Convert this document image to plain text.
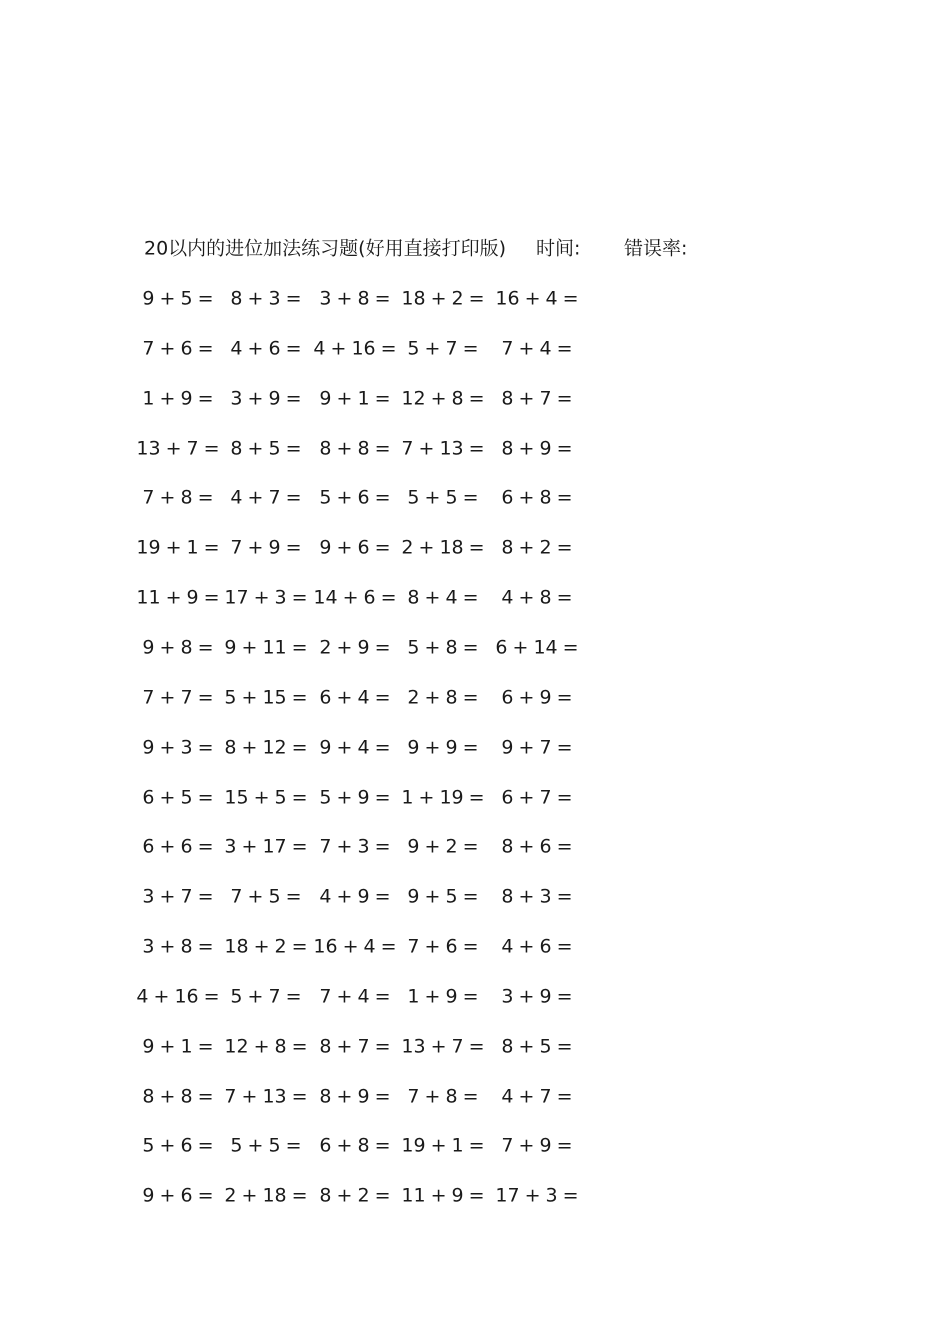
20以内的进位加法练习题(好用直接打印版) 时间: 错误率:
9 + 5 = 8 + 3 = 3 + 8 = 18 + 2 = 16 + 4 =
7 + 6 = 4 + 6 = 4 + 16 = 5 + 7 = 7 + 4 =
1 + 9 = 3 + 9 = 9 + 1 = 12 + 8 = 8 + 7 =
13 + 7 = 8 + 5 = 8 + 8 = 7 + 13 = 8 + 9 =
7 + 8 = 4 + 7 = 5 + 6 = 5 + 5 = 6 + 8 =
19 + 1 = 7 + 9 = 9 + 6 = 2 + 18 = 8 + 2 =
11 + 9 = 17 + 3 = 14 + 6 = 8 + 4 = 4 + 8 =
9 + 8 = 9 + 11 = 2 + 9 = 5 + 8 = 6 + 14 =
7 + 7 = 5 + 15 = 6 + 4 = 2 + 8 = 6 + 9 =
9 + 3 = 8 + 12 = 9 + 4 = 9 + 9 = 9 + 7 =
6 + 5 = 15 + 5 = 5 + 9 = 1 + 19 = 6 + 7 =
6 + 6 = 3 + 17 = 7 + 3 = 9 + 2 = 8 + 6 =
3 + 7 = 7 + 5 = 4 + 9 = 9 + 5 = 8 + 3 =
3 + 8 = 18 + 2 = 16 + 4 = 7 + 6 = 4 + 6 =
4 + 16 = 5 + 7 = 7 + 4 = 1 + 9 = 3 + 9 =
9 + 1 = 12 + 8 = 8 + 7 = 13 + 7 = 8 + 5 =
8 + 8 = 7 + 13 = 8 + 9 = 7 + 8 = 4 + 7 =
5 + 6 = 5 + 5 = 6 + 8 = 19 + 1 = 7 + 9 =
9 + 6 = 2 + 18 = 8 + 2 = 11 + 9 = 17 + 3 =
